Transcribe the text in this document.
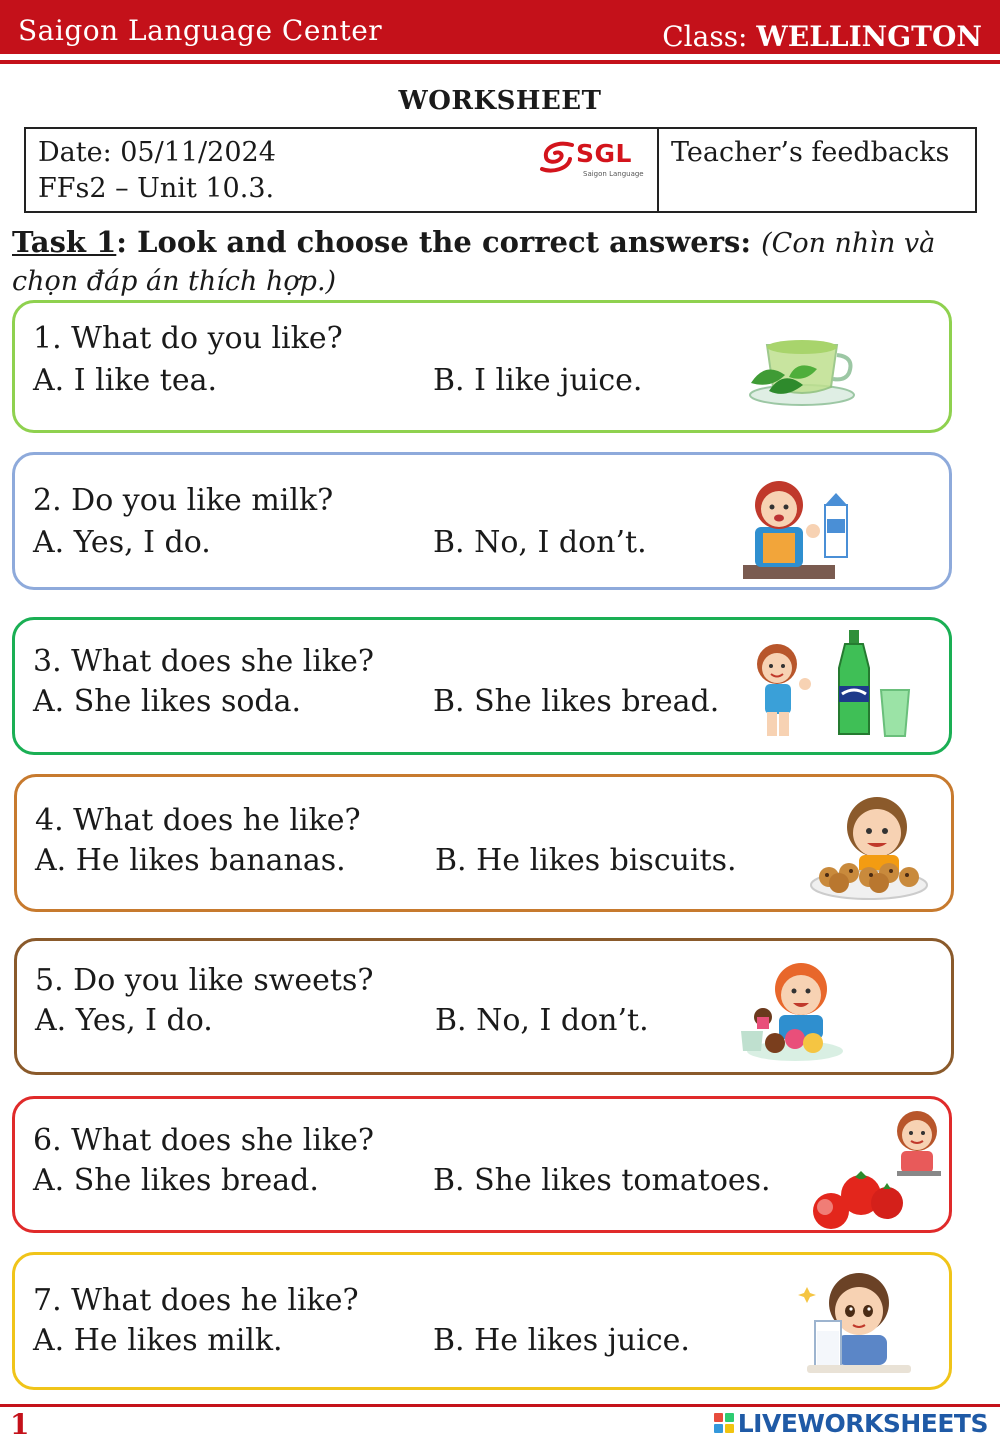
Saigon Language Center	Class: WELLINGTON
WORKSHEET
Date: 05/11/2024
FFs2 – Unit 10.3.
SGL
Saigon Language
Teacher’s feedbacks
Task 1: Look and choose the correct answers: (Con nhìn và chọn đáp án thích hợp.)
1. What do you like?
A. I like tea.	B. I like juice.
2. Do you like milk?
A. Yes, I do.	B. No, I don’t.
3. What does she like?
A. She likes soda.	B. She likes bread.
4. What does he like?
A. He likes bananas.	B. He likes biscuits.
5. Do you like sweets?
A. Yes, I do.	B. No, I don’t.
6. What does she like?
A. She likes bread.	B. She likes tomatoes.
7. What does he like?
A. He likes milk.	B. He likes juice.
1	LIVEWORKSHEETS
